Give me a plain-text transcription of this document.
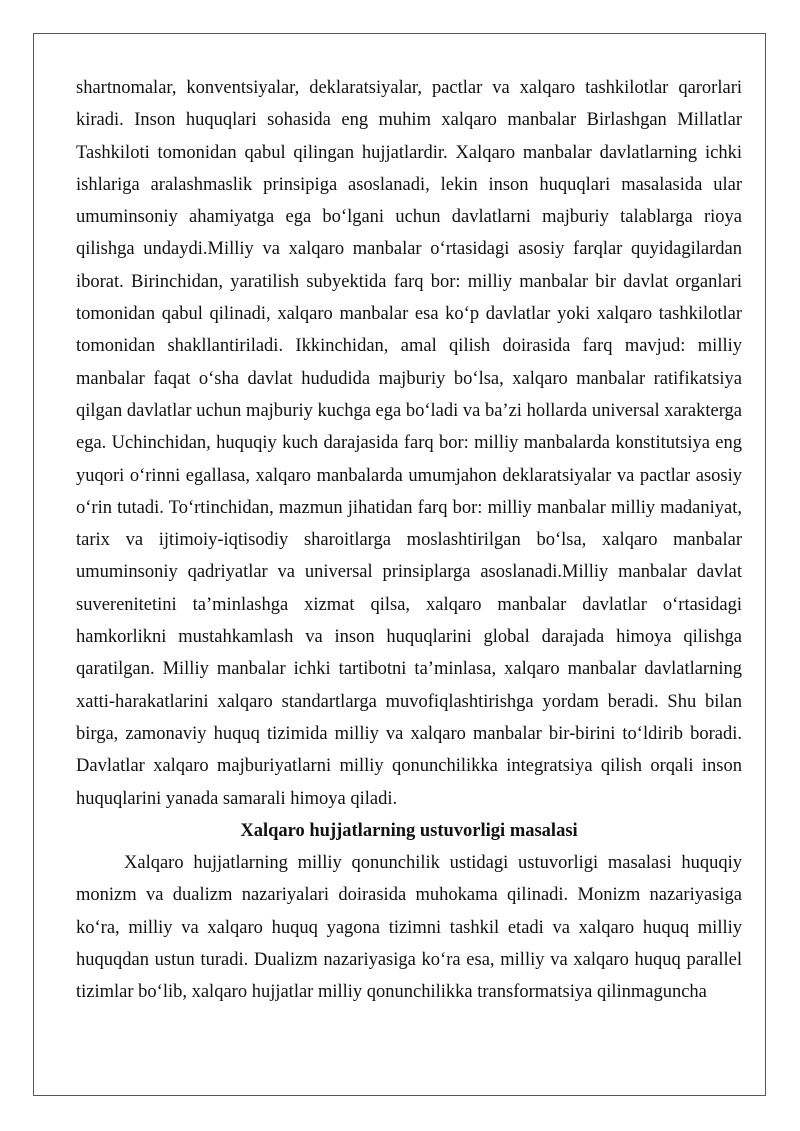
shartnomalar, konventsiyalar, deklaratsiyalar, pactlar va xalqaro tashkilotlar qarorlari kiradi. Inson huquqlari sohasida eng muhim xalqaro manbalar Birlashgan Millatlar Tashkiloti tomonidan qabul qilingan hujjatlardir. Xalqaro manbalar davlatlarning ichki ishlariga aralashmaslik prinsipiga asoslanadi, lekin inson huquqlari masalasida ular umuminsoniy ahamiyatga ega bo‘lgani uchun davlatlarni majburiy talablarga rioya qilishga undaydi.Milliy va xalqaro manbalar o‘rtasidagi asosiy farqlar quyidagilardan iborat. Birinchidan, yaratilish subyektida farq bor: milliy manbalar bir davlat organlari tomonidan qabul qilinadi, xalqaro manbalar esa ko‘p davlatlar yoki xalqaro tashkilotlar tomonidan shakllantiriladi. Ikkinchidan, amal qilish doirasida farq mavjud: milliy manbalar faqat o‘sha davlat hududida majburiy bo‘lsa, xalqaro manbalar ratifikatsiya qilgan davlatlar uchun majburiy kuchga ega bo‘ladi va ba’zi hollarda universal xarakterga ega. Uchinchidan, huquqiy kuch darajasida farq bor: milliy manbalarda konstitutsiya eng yuqori o‘rinni egallasa, xalqaro manbalarda umumjahon deklaratsiyalar va pactlar asosiy o‘rin tutadi. To‘rtinchidan, mazmun jihatidan farq bor: milliy manbalar milliy madaniyat, tarix va ijtimoiy-iqtisodiy sharoitlarga moslashtirilgan bo‘lsa, xalqaro manbalar umuminsoniy qadriyatlar va universal prinsiplarga asoslanadi.Milliy manbalar davlat suverenitetini ta’minlashga xizmat qilsa, xalqaro manbalar davlatlar o‘rtasidagi hamkorlikni mustahkamlash va inson huquqlarini global darajada himoya qilishga qaratilgan. Milliy manbalar ichki tartibotni ta’minlasa, xalqaro manbalar davlatlarning xatti-harakatlarini xalqaro standartlarga muvofiqlashtirishga yordam beradi. Shu bilan birga, zamonaviy huquq tizimida milliy va xalqaro manbalar bir-birini to‘ldirib boradi. Davlatlar xalqaro majburiyatlarni milliy qonunchilikka integratsiya qilish orqali inson huquqlarini yanada samarali himoya qiladi.

Xalqaro hujjatlarning ustuvorligi masalasi

Xalqaro hujjatlarning milliy qonunchilik ustidagi ustuvorligi masalasi huquqiy monizm va dualizm nazariyalari doirasida muhokama qilinadi. Monizm nazariyasiga ko‘ra, milliy va xalqaro huquq yagona tizimni tashkil etadi va xalqaro huquq milliy huquqdan ustun turadi. Dualizm nazariyasiga ko‘ra esa, milliy va xalqaro huquq parallel tizimlar bo‘lib, xalqaro hujjatlar milliy qonunchilikka transformatsiya qilinmaguncha
